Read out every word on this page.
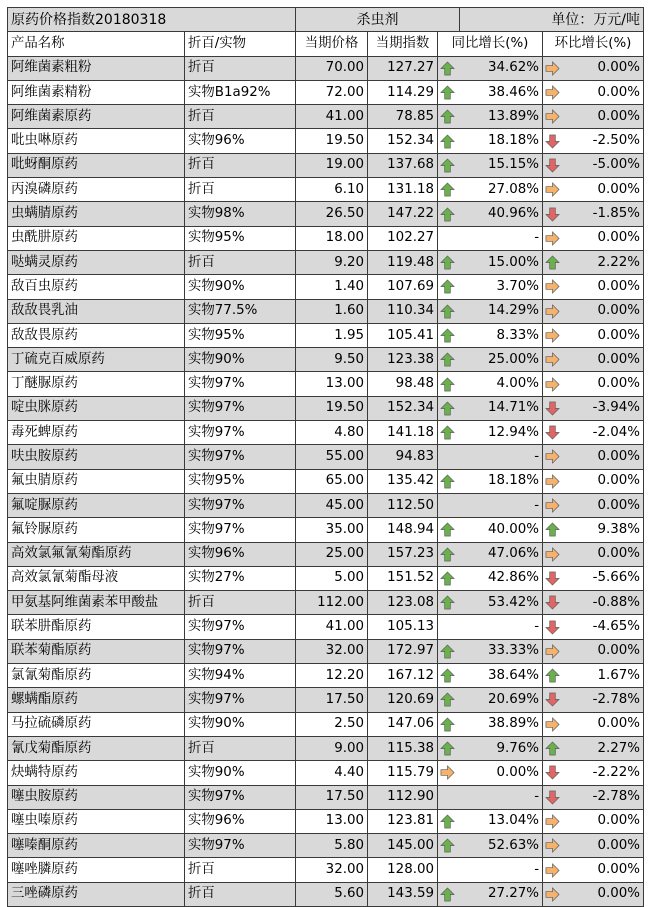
原药价格指数20180318		杀虫剂			单位：万元/吨		
产品名称	折百/实物	当期价格	当期指数	同比增长(%)		环比增长(%)	
阿维菌素粗粉	折百	70.00	127.27		34.62%		0.00%
阿维菌素精粉	实物B1a92%	72.00	114.29		38.46%		0.00%
阿维菌素原药	折百	41.00	78.85		13.89%		0.00%
吡虫啉原药	实物96%	19.50	152.34		18.18%		-2.50%
吡蚜酮原药	折百	19.00	137.68		15.15%		-5.00%
丙溴磷原药	折百	6.10	131.18		27.08%		0.00%
虫螨腈原药	实物98%	26.50	147.22		40.96%		-1.85%
虫酰肼原药	实物95%	18.00	102.27		-		0.00%
哒螨灵原药	折百	9.20	119.48		15.00%		2.22%
敌百虫原药	实物90%	1.40	107.69		3.70%		0.00%
敌敌畏乳油	实物77.5%	1.60	110.34		14.29%		0.00%
敌敌畏原药	实物95%	1.95	105.41		8.33%		0.00%
丁硫克百威原药	实物90%	9.50	123.38		25.00%		0.00%
丁醚脲原药	实物97%	13.00	98.48		4.00%		0.00%
啶虫脒原药	实物97%	19.50	152.34		14.71%		-3.94%
毒死蜱原药	实物97%	4.80	141.18		12.94%		-2.04%
呋虫胺原药	实物97%	55.00	94.83		-		0.00%
氟虫腈原药	实物95%	65.00	135.42		18.18%		0.00%
氟啶脲原药	实物97%	45.00	112.50		-		0.00%
氟铃脲原药	实物97%	35.00	148.94		40.00%		9.38%
高效氯氟氰菊酯原药	实物96%	25.00	157.23		47.06%		0.00%
高效氯氰菊酯母液	实物27%	5.00	151.52		42.86%		-5.66%
甲氨基阿维菌素苯甲酸盐	折百	112.00	123.08		53.42%		-0.88%
联苯肼酯原药	实物97%	41.00	105.13		-		-4.65%
联苯菊酯原药	实物97%	32.00	172.97		33.33%		0.00%
氯氰菊酯原药	实物94%	12.20	167.12		38.64%		1.67%
螺螨酯原药	实物97%	17.50	120.69		20.69%		-2.78%
马拉硫磷原药	实物90%	2.50	147.06		38.89%		0.00%
氰戊菊酯原药	折百	9.00	115.38		9.76%		2.27%
炔螨特原药	实物90%	4.40	115.79		0.00%		-2.22%
噻虫胺原药	实物97%	17.50	112.90		-		-2.78%
噻虫嗪原药	实物96%	13.00	123.81		13.04%		0.00%
噻嗪酮原药	实物97%	5.80	145.00		52.63%		0.00%
噻唑膦原药	折百	32.00	128.00		-		0.00%
三唑磷原药	折百	5.60	143.59		27.27%		0.00%
